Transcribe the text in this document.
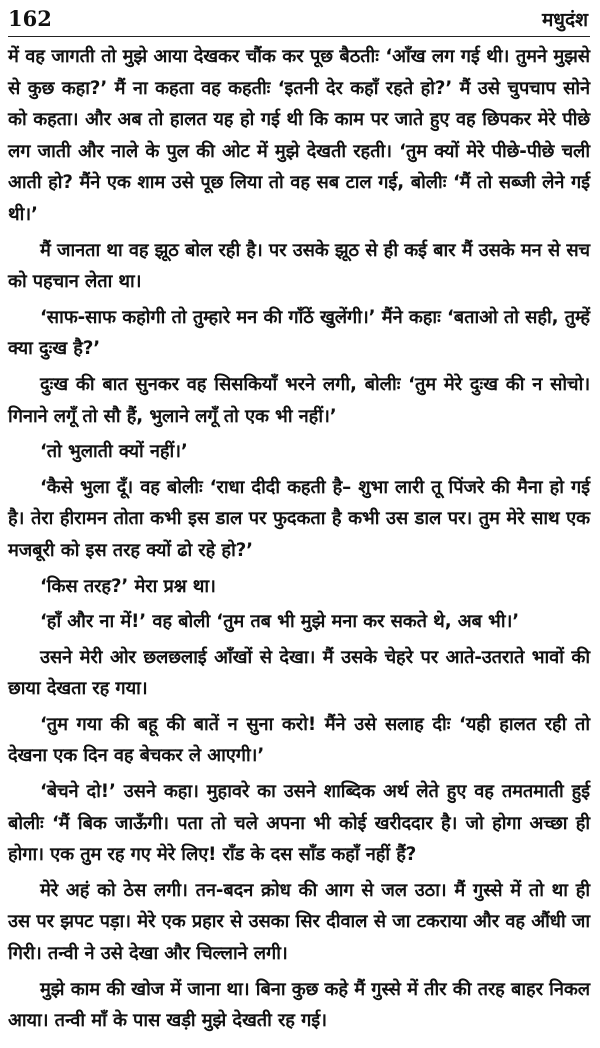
162	मधुदंश

में वह जागती तो मुझे आया देखकर चौंक कर पूछ बैठतीः ‘आँख लग गई थी। तुमने मुझसे से कुछ कहा?’ मैं ना कहता वह कहतीः ‘इतनी देर कहाँ रहते हो?’ मैं उसे चुपचाप सोने को कहता। और अब तो हालत यह हो गई थी कि काम पर जाते हुए वह छिपकर मेरे पीछे लग जाती और नाले के पुल की ओट में मुझे देखती रहती। ‘तुम क्यों मेरे पीछे-पीछे चली आती हो? मैंने एक शाम उसे पूछ लिया तो वह सब टाल गई, बोलीः ‘मैं तो सब्जी लेने गई थी।’

मैं जानता था वह झूठ बोल रही है। पर उसके झूठ से ही कई बार मैं उसके मन से सच को पहचान लेता था।

‘साफ-साफ कहोगी तो तुम्हारे मन की गाँठें खुलेंगी।’ मैंने कहाः ‘बताओ तो सही, तुम्हें क्या दुःख है?’

दुःख की बात सुनकर वह सिसकियाँ भरने लगी, बोलीः ‘तुम मेरे दुःख की न सोचो। गिनाने लगूँ तो सौ हैं, भुलाने लगूँ तो एक भी नहीं।’

‘तो भुलाती क्यों नहीं।’

‘कैसे भुला दूँ। वह बोलीः ‘राधा दीदी कहती है– शुभा लारी तू पिंजरे की मैना हो गई है। तेरा हीरामन तोता कभी इस डाल पर फुदकता है कभी उस डाल पर। तुम मेरे साथ एक मजबूरी को इस तरह क्यों ढो रहे हो?’

‘किस तरह?’ मेरा प्रश्न था।

‘हाँ और ना में!’ वह बोली ‘तुम तब भी मुझे मना कर सकते थे, अब भी।’

उसने मेरी ओर छलछलाई आँखों से देखा। मैं उसके चेहरे पर आते-उतराते भावों की छाया देखता रह गया।

‘तुम गया की बहू की बातें न सुना करो! मैंने उसे सलाह दीः ‘यही हालत रही तो देखना एक दिन वह बेचकर ले आएगी।’

‘बेचने दो!’ उसने कहा। मुहावरे का उसने शाब्दिक अर्थ लेते हुए वह तमतमाती हुई बोलीः ‘मैं बिक जाऊँगी। पता तो चले अपना भी कोई खरीददार है। जो होगा अच्छा ही होगा। एक तुम रह गए मेरे लिए! राँड के दस साँड कहाँ नहीं हैं?

मेरे अहं को ठेस लगी। तन-बदन क्रोध की आग से जल उठा। मैं गुस्से में तो था ही उस पर झपट पड़ा। मेरे एक प्रहार से उसका सिर दीवाल से जा टकराया और वह औंधी जा गिरी। तन्वी ने उसे देखा और चिल्लाने लगी।

मुझे काम की खोज में जाना था। बिना कुछ कहे मैं गुस्से में तीर की तरह बाहर निकल आया। तन्वी माँ के पास खड़ी मुझे देखती रह गई।
